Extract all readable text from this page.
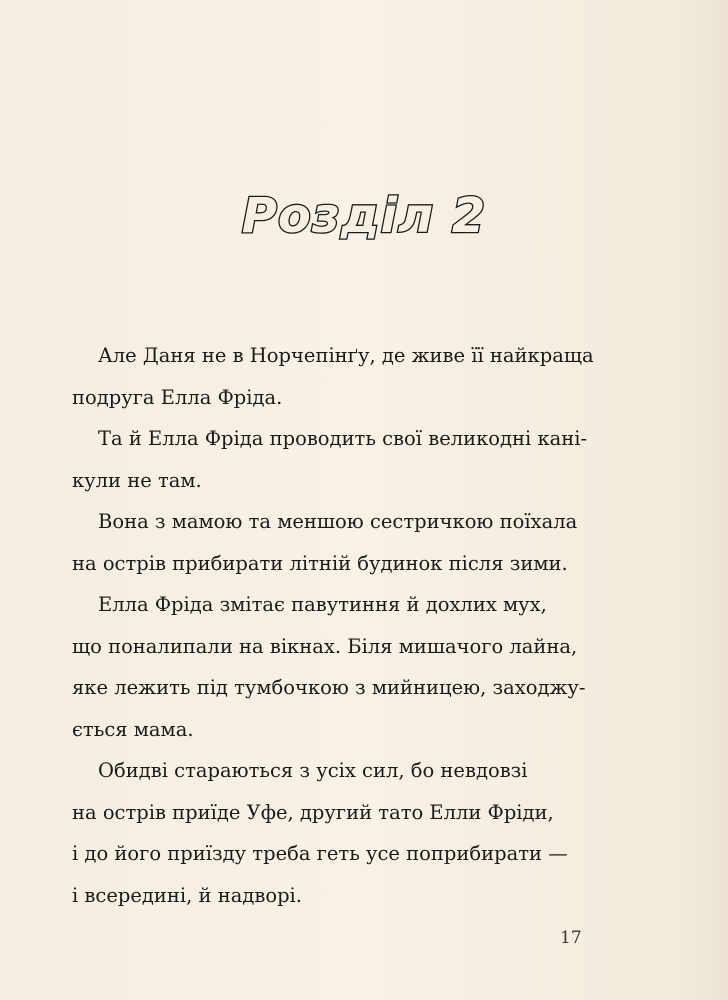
Розділ 2
Але Даня не в Норчепінґу, де живе її найкраща
подруга Елла Фріда.
Та й Елла Фріда проводить свої великодні кані-
кули не там.
Вона з мамою та меншою сестричкою поїхала
на острів прибирати літній будинок після зими.
Елла Фріда змітає павутиння й дохлих мух,
що поналипали на вікнах. Біля мишачого лайна,
яке лежить під тумбочкою з мийницею, заходжу-
ється мама.
Обидві стараються з усіх сил, бо невдовзі
на острів приїде Уфе, другий тато Елли Фріди,
і до його приїзду треба геть усе поприбирати —
і всередині, й надворі.
17
